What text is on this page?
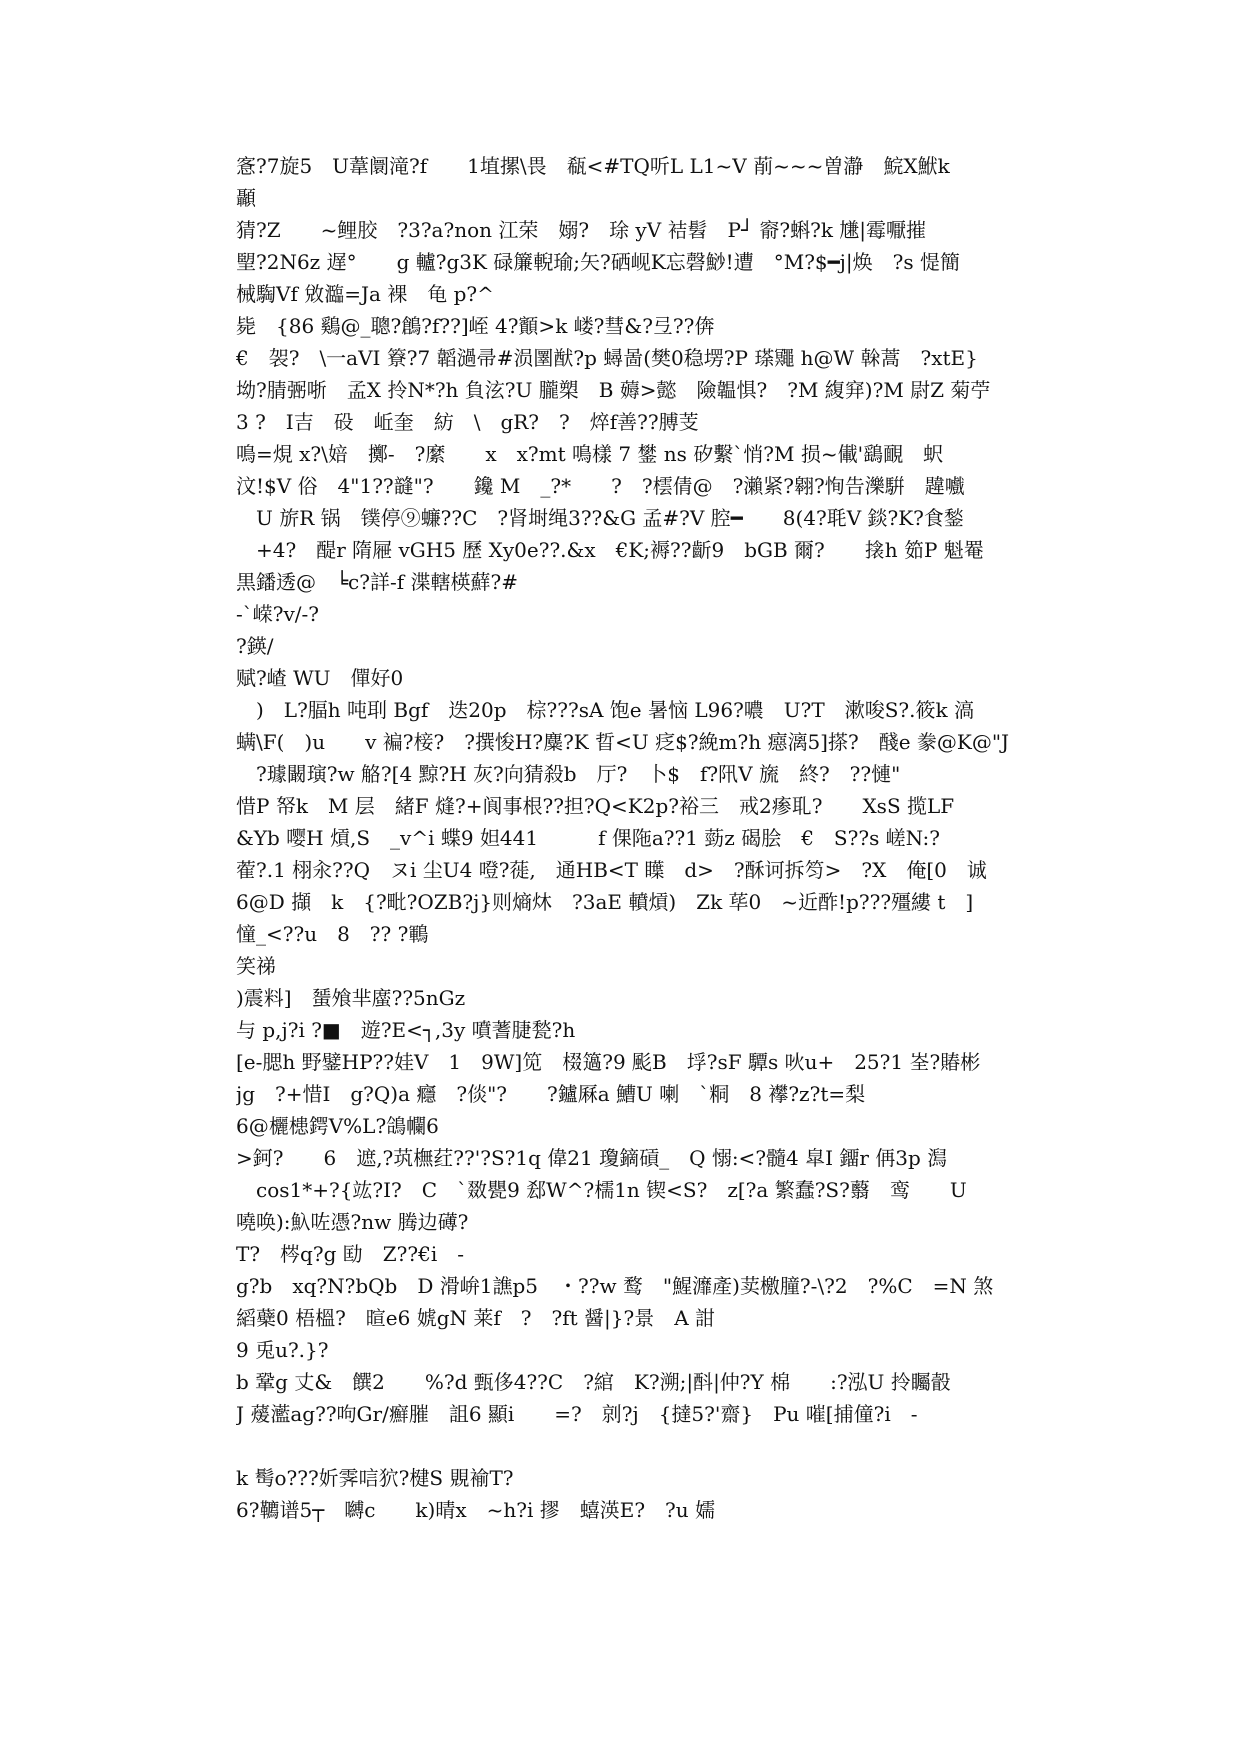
愙?7旋5　U葦阛滝?f　　1埴摞\畏　瓻<#TQ听L L1~V 萷~~~曽瀞　鯇X鮲k
顳
猜?Z　　~鲤胶　?3?a?non 江荣　嫋?　㻌 yV 袺髫　P┘ 窬?蝌?k 尲|霉嚈摧
朢?2N6z 遅°　　g 轤?g3K 碌簾輗瑜;矢?硒岘K忘磬鯋!遭　°M?$━j|焕　?s 惿簡
械騊Vf 敓瀶=Ja 裸　龟 p?^
毙　{86 鷄@_聰?鶬?f??]峌 4?顮>k 嵝?彗&?弖??倴
€　袈?　\一aVI 簝?7 韜濄帚#涢圛猷?p 蟳啚(樊0稳塄?P 瑹鼆 h@W 榦蒿　?xtE}
坳?腈弻哳　孟X 拎N*?h 負泫?U 朧槊　B 薅>懿　險韞惧?　?M 緮穽)?M 尉Z 菊苧
3 ?　I吉　砓　岴奎　紡　\　gR?　?　焠f善??膊芰
鳴=䙺 x?\婄　擲-　?縻　　x　x?mt 鳴樣 7 鐢 ns 矽繫`悄?M 损~儎'鷂靦　蚇
汶!$V 俗　4"1??韼"?　　鑱 M　_?*　　?　?橒倩@　?瀨紧?翱?恂告濼騈　韙嚱
　U 旂R 锅　镤停⑨蠊??C　?肾埘绳3??&G 孟#?V 腔━　　8(4?毦V 錟?K?食鍫
　+4?　醍r 隋屜 vGH5 歷 Xy0e??.&x　€K;褥??齗9　bGB 爾?　　搇h 筎P 魁罨
黒鐇透@　╘c?詳-f 渫轄楧蘚?#
-`嵘?v/-?
?鍈/
赋?嵖 WU　僤好0
　)　L?腷h 吨刵 Bgf　迭20p　棕???sA 饱e 暑恼 L96?噥　U?T　漱唆S?.筱k 滈
螨\F(　)u　　v 褊?椄?　?撰悛H?麋?K 晢<U 疺$?絻m?h 癋漓5]搽?　醆e 豢@K@"J
　?璩闞璌?w 觡?[4 黥?H 灰?向猜殺b　厅?　卜$　f?阠V 旒　終?　??慩"
惜P 帑k　M 层　緒F 熢?+阆事根??担?Q<K2p?裕三　戒2瘆耴?　　XsS 揽LF
&Yb 嘤H 熕,S　_v^i 蝶9 妲441　　　f 倮陁a??1 葝z 碣脍　€　S??s 嵯N:?
蒮?.1 栩汆??Q　ヌi 尘U4 噔?蓰,　通HB<T 瞸　d>　?酥诃拆笉>　?X　俺[0　诚
6@D 擷　k　{?毗?OZB?j}则熵炑　?3aE 轒熕)　Zk 荜0　~近酢!p???殭縷 t　]
憧_<??u　8　?? ?鶤
笑祶
)震料]　蜑飧芈䗪??5nGz
与 p,j?i ?■　遊?E<┐,3y 噴蓍脻甃?h
[e-腮h 野鐾HP??娃V　1　9W]笕　棳簻?9 颩B　垺?sF 驔s 吙u+　25?1 峑?賰彬
jg　?+惜I　g?Q)a 癮　?倓"?　　?鑪厤a 鰽U 喇　`粡　8 襻?z?t=梨
6@欐槵鍔V%L?鴿幱6
>鈳?　　6　遮,?茿橅荭??'?S?1q 偉21 瓊鏑碽_　Q 愵:<?髓4 皐I 鐂r 侢3p 澙
　cos1*+?{竑?I?　C　`敪甖9 郄W^?檽1n 锲<S?　z[?a 繁蠢?S?蘙　鸾　　U
嘵唤):魞咗憑?nw 腾边礡?
T?　梣q?g 劻　Z??€i　-
g?b　xq?N?bQb　D 滑峅1譙p5　・??w 鹜　"鯹灖產)荬檄朣?-\?2　?%C　=N 煞
縚蘗0 梧榲?　暄e6 婋gN 莱f　?　?ft 醤|}?景　A 詌
9 兎u?.}?
b 鞏g 丈&　饌2　　%?d 甄侈4??C　?綰　K?溯;|酙|仲?Y 棉　　:?泓U 拎矚瞉
J 蕿灆ag??呴Gr/癬膗　詛6 顯i　　=?　剠?j　{撻5?'齋}　Pu 嗺[捕僮?i　-
k 髩o???妡霁唁狖?楗S 覞褕T?
6?韀谱5┬　嚩c　　k)晴x　~h?i 摎　蟢渶E?　?u 嬬
